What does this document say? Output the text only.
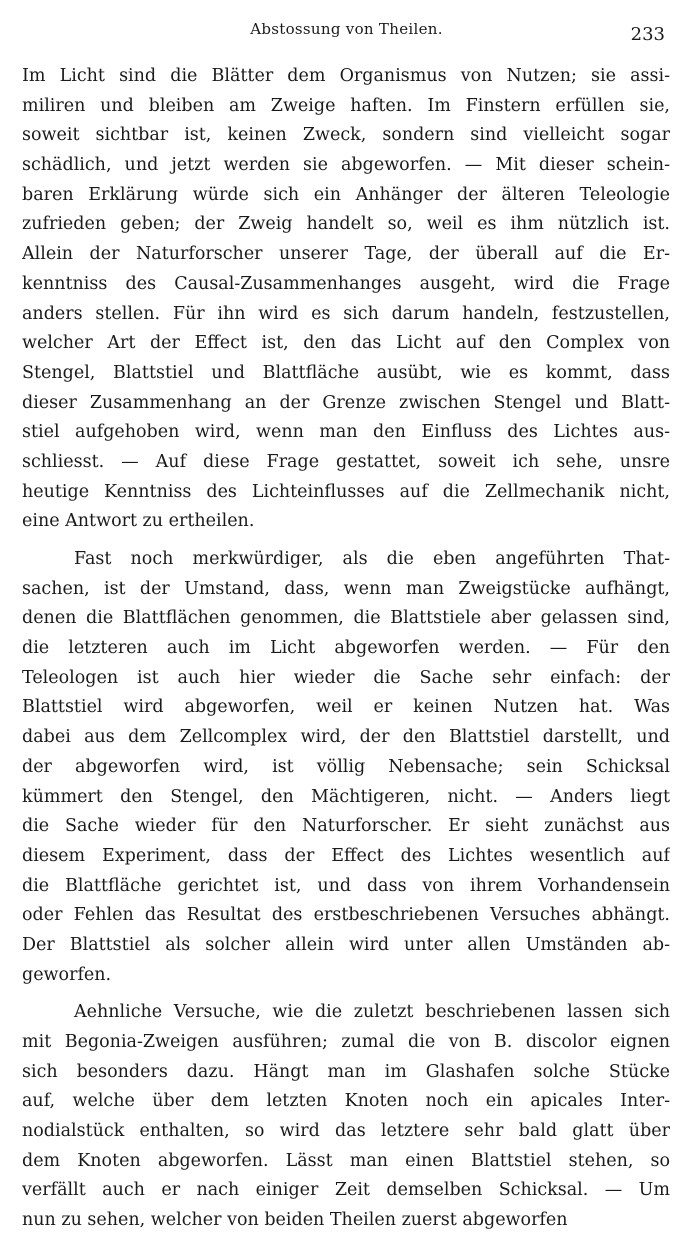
Abstossung von Theilen.	233
Im Licht sind die Blätter dem Organismus von Nutzen; sie assi-
miliren und bleiben am Zweige haften. Im Finstern erfüllen sie,
soweit sichtbar ist, keinen Zweck, sondern sind vielleicht sogar
schädlich, und jetzt werden sie abgeworfen. — Mit dieser schein-
baren Erklärung würde sich ein Anhänger der älteren Teleologie
zufrieden geben; der Zweig handelt so, weil es ihm nützlich ist.
Allein der Naturforscher unserer Tage, der überall auf die Er-
kenntniss des Causal-Zusammenhanges ausgeht, wird die Frage
anders stellen. Für ihn wird es sich darum handeln, festzustellen,
welcher Art der Effect ist, den das Licht auf den Complex von
Stengel, Blattstiel und Blattfläche ausübt, wie es kommt, dass
dieser Zusammenhang an der Grenze zwischen Stengel und Blatt-
stiel aufgehoben wird, wenn man den Einfluss des Lichtes aus-
schliesst. — Auf diese Frage gestattet, soweit ich sehe, unsre
heutige Kenntniss des Lichteinflusses auf die Zellmechanik nicht,
eine Antwort zu ertheilen.
Fast noch merkwürdiger, als die eben angeführten That-
sachen, ist der Umstand, dass, wenn man Zweigstücke aufhängt,
denen die Blattflächen genommen, die Blattstiele aber gelassen sind,
die letzteren auch im Licht abgeworfen werden. — Für den
Teleologen ist auch hier wieder die Sache sehr einfach: der
Blattstiel wird abgeworfen, weil er keinen Nutzen hat. Was
dabei aus dem Zellcomplex wird, der den Blattstiel darstellt, und
der abgeworfen wird, ist völlig Nebensache; sein Schicksal
kümmert den Stengel, den Mächtigeren, nicht. — Anders liegt
die Sache wieder für den Naturforscher. Er sieht zunächst aus
diesem Experiment, dass der Effect des Lichtes wesentlich auf
die Blattfläche gerichtet ist, und dass von ihrem Vorhandensein
oder Fehlen das Resultat des erstbeschriebenen Versuches abhängt.
Der Blattstiel als solcher allein wird unter allen Umständen ab-
geworfen.
Aehnliche Versuche, wie die zuletzt beschriebenen lassen sich
mit Begonia-Zweigen ausführen; zumal die von B. discolor eignen
sich besonders dazu. Hängt man im Glashafen solche Stücke
auf, welche über dem letzten Knoten noch ein apicales Inter-
nodialstück enthalten, so wird das letztere sehr bald glatt über
dem Knoten abgeworfen. Lässt man einen Blattstiel stehen, so
verfällt auch er nach einiger Zeit demselben Schicksal. — Um
nun zu sehen, welcher von beiden Theilen zuerst abgeworfen
